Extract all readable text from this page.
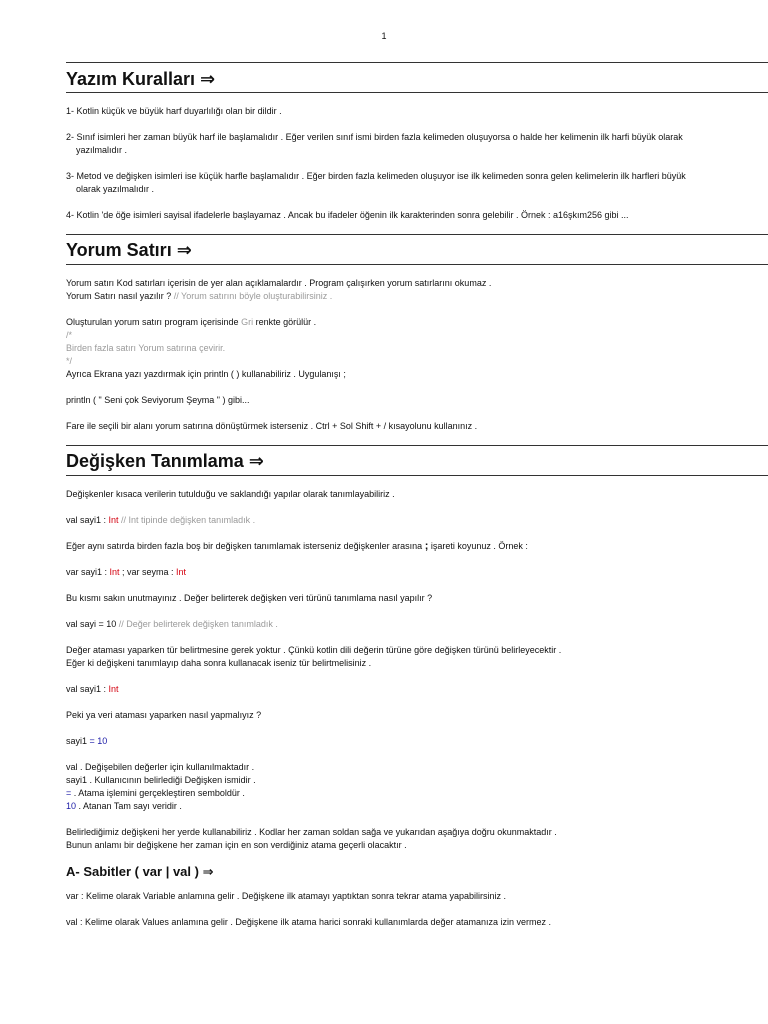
1
Yazım Kuralları ⇒

1- Kotlin küçük ve büyük harf duyarlılığı olan bir dildir .

2- Sınıf isimleri her zaman büyük harf ile başlamalıdır . Eğer verilen sınıf ismi birden fazla kelimeden oluşuyorsa o halde her kelimenin ilk harfi büyük olarak

yazılmalıdır .

3- Metod ve değişken isimleri ise küçük harfle başlamalıdır . Eğer birden fazla kelimeden oluşuyor ise ilk kelimeden sonra gelen kelimelerin ilk harfleri büyük

olarak yazılmalıdır .

4- Kotlin 'de öğe isimleri sayisal ifadelerle başlayamaz . Ancak bu ifadeler öğenin ilk karakterinden sonra gelebilir . Örnek : a16şkım256 gibi ...

Yorum Satırı ⇒

Yorum satırı Kod satırları içerisin de yer alan açıklamalardır . Program çalışırken yorum satırlarını okumaz .

Yorum Satırı nasıl yazılır ? // Yorum satırını böyle oluşturabilirsiniz .

Oluşturulan yorum satırı program içerisinde Gri renkte görülür .

/*

Birden fazla satırı Yorum satırına çevirir.

*/

Ayrıca Ekrana yazı yazdırmak için println ( ) kullanabiliriz . Uygulanışı ;

println ( " Seni çok Seviyorum Şeyma " ) gibi...

Fare ile seçili bir alanı yorum satırına dönüştürmek isterseniz . Ctrl + Sol Shift + / kısayolunu kullanınız .

Değişken Tanımlama ⇒

Değişkenler kısaca verilerin tutulduğu ve saklandığı yapılar olarak tanımlayabiliriz .

val sayi1 : Int // Int tipinde değişken tanımladık .

Eğer aynı satırda birden fazla boş bir değişken tanımlamak isterseniz değişkenler arasına ; işareti koyunuz . Örnek :

var sayi1 : Int ; var seyma : Int

Bu kısmı sakın unutmayınız . Değer belirterek değişken veri türünü tanımlama nasıl yapılır ?

val sayi = 10 // Değer belirterek değişken tanımladık .

Değer ataması yaparken tür belirtmesine gerek yoktur . Çünkü kotlin dili değerin türüne göre değişken türünü belirleyecektir .

Eğer ki değişkeni tanımlayıp daha sonra kullanacak iseniz tür belirtmelisiniz .

val sayi1 : Int

Peki ya veri ataması yaparken nasıl yapmalıyız ?

sayi1 = 10

val . Değişebilen değerler için kullanılmaktadır .

sayi1 . Kullanıcının belirlediği Değişken ismidir .

= . Atama işlemini gerçekleştiren semboldür .

10 . Atanan Tam sayı veridir .

Belirlediğimiz değişkeni her yerde kullanabiliriz . Kodlar her zaman soldan sağa ve yukarıdan aşağıya doğru okunmaktadır .

Bunun anlamı bir değişkene her zaman için en son verdiğiniz atama geçerli olacaktır .

A- Sabitler ( var | val ) ⇒

var : Kelime olarak Variable anlamına gelir . Değişkene ilk atamayı yaptıktan sonra tekrar atama yapabilirsiniz .

val : Kelime olarak Values anlamına gelir . Değişkene ilk atama harici sonraki kullanımlarda değer atamanıza izin vermez .
